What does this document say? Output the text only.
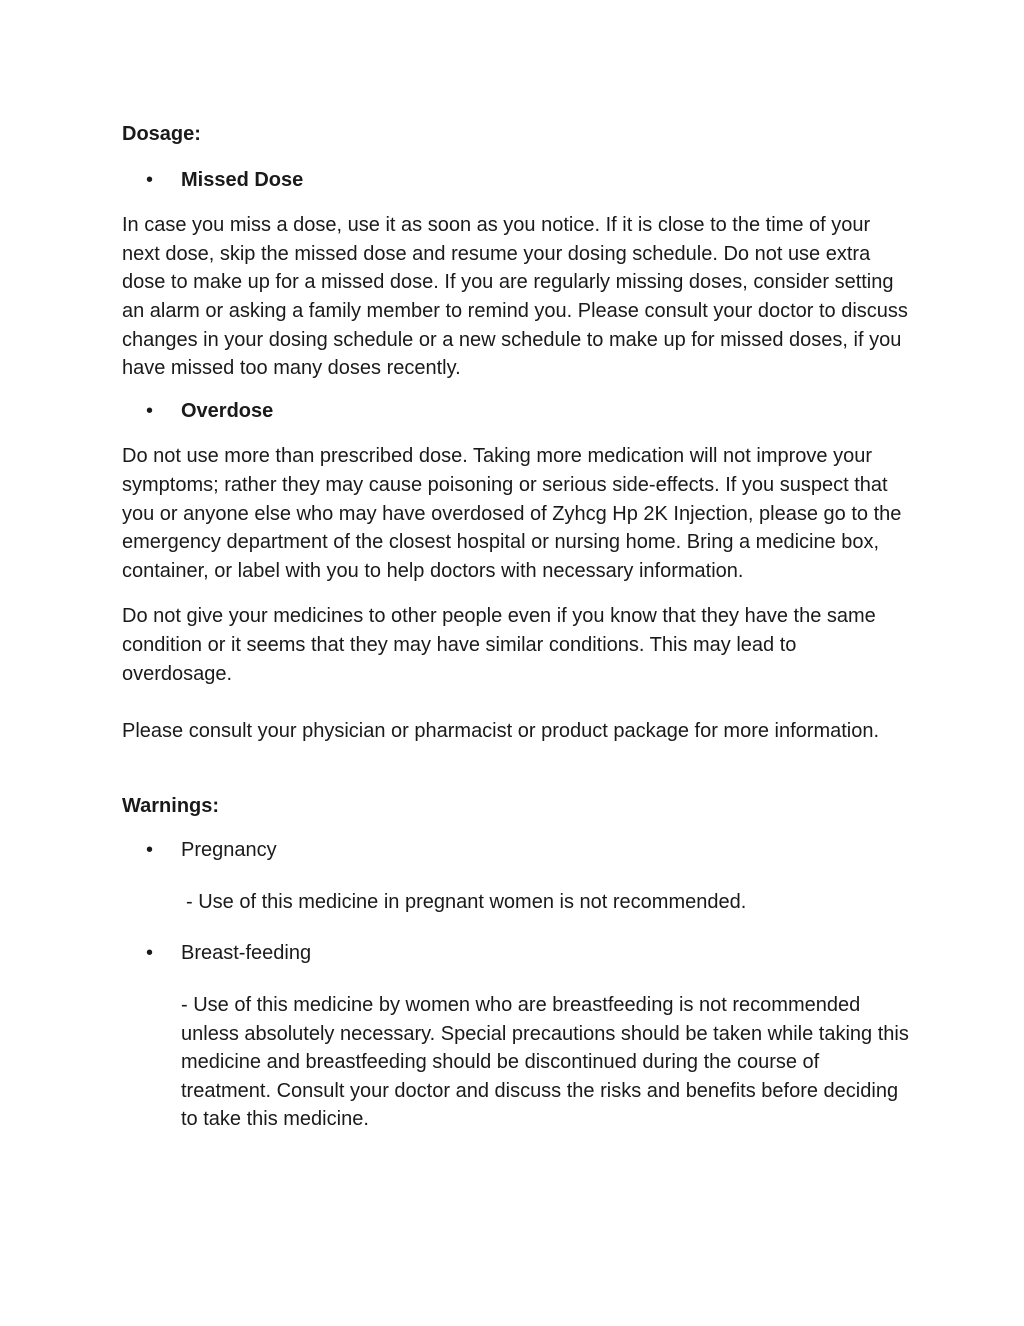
Dosage:

• Missed Dose

In case you miss a dose, use it as soon as you notice. If it is close to the time of your next dose, skip the missed dose and resume your dosing schedule. Do not use extra dose to make up for a missed dose. If you are regularly missing doses, consider setting an alarm or asking a family member to remind you. Please consult your doctor to discuss changes in your dosing schedule or a new schedule to make up for missed doses, if you have missed too many doses recently.

• Overdose

Do not use more than prescribed dose. Taking more medication will not improve your symptoms; rather they may cause poisoning or serious side-effects. If you suspect that you or anyone else who may have overdosed of Zyhcg Hp 2K Injection, please go to the emergency department of the closest hospital or nursing home. Bring a medicine box, container, or label with you to help doctors with necessary information.

Do not give your medicines to other people even if you know that they have the same condition or it seems that they may have similar conditions. This may lead to overdosage.

Please consult your physician or pharmacist or product package for more information.

Warnings:

• Pregnancy

- Use of this medicine in pregnant women is not recommended.

• Breast-feeding

- Use of this medicine by women who are breastfeeding is not recommended unless absolutely necessary. Special precautions should be taken while taking this medicine and breastfeeding should be discontinued during the course of treatment. Consult your doctor and discuss the risks and benefits before deciding to take this medicine.
